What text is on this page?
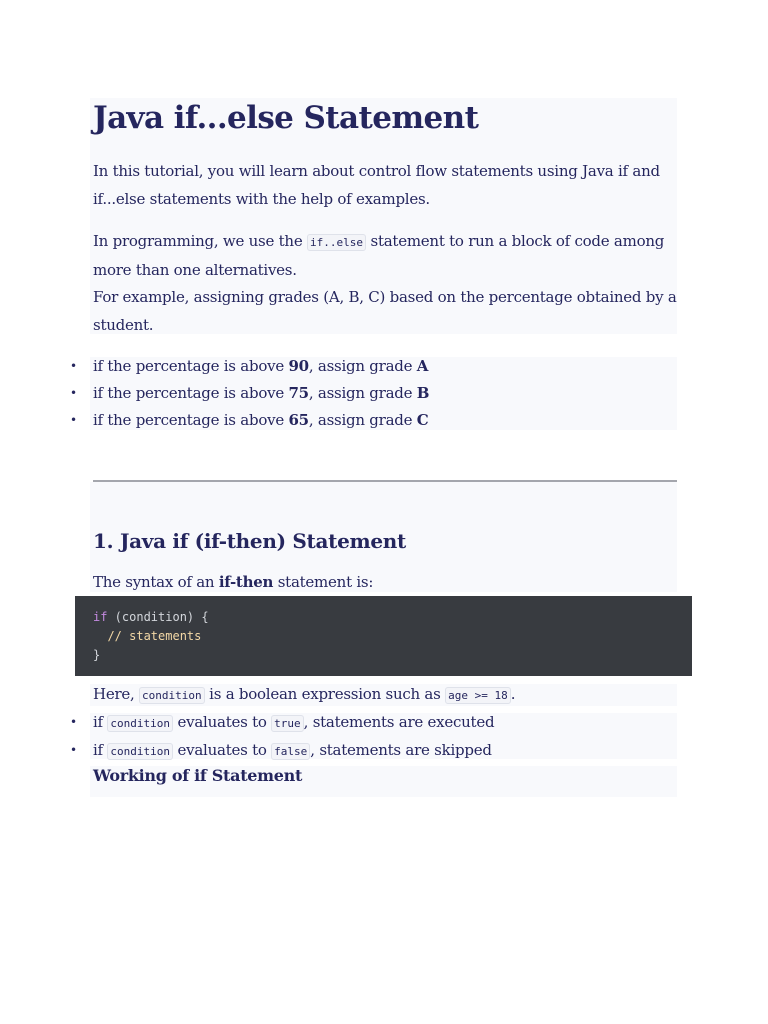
Java if...else Statement

In this tutorial, you will learn about control flow statements using Java if and if...else statements with the help of examples.

In programming, we use the if..else statement to run a block of code among more than one alternatives.

For example, assigning grades (A, B, C) based on the percentage obtained by a student.

• if the percentage is above 90, assign grade A
• if the percentage is above 75, assign grade B
• if the percentage is above 65, assign grade C
1. Java if (if-then) Statement

The syntax of an if-then statement is:

if (condition) {
// statements
}

Here, condition is a boolean expression such as age >= 18 .

• if condition evaluates to true , statements are executed
• if condition evaluates to false , statements are skipped
Working of if Statement
